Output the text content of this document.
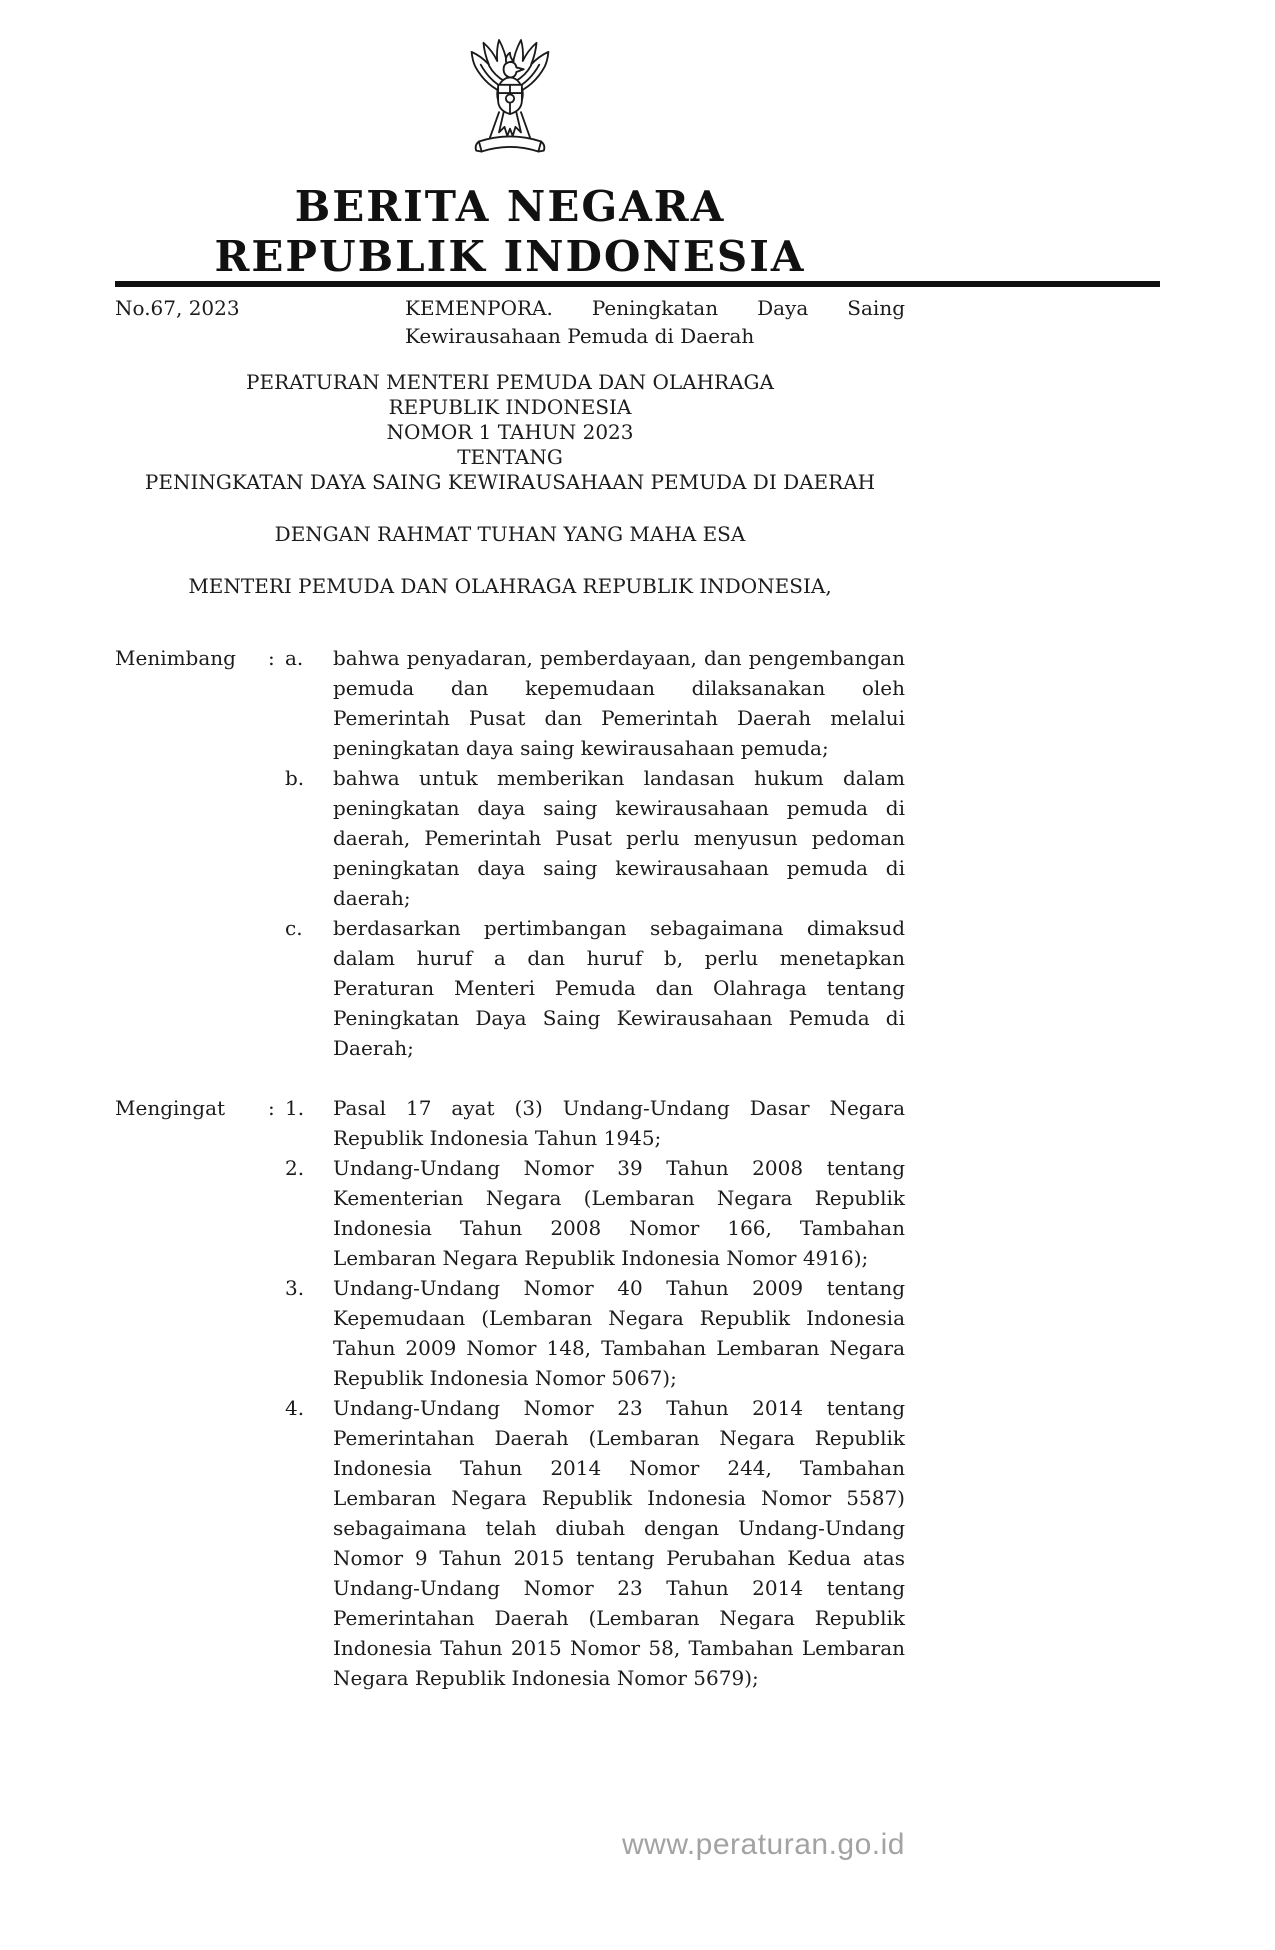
BERITA NEGARA
REPUBLIK INDONESIA
No.67, 2023	KEMENPORA. Peningkatan Daya Saing Kewirausahaan Pemuda di Daerah
PERATURAN MENTERI PEMUDA DAN OLAHRAGA
REPUBLIK INDONESIA
NOMOR 1 TAHUN 2023
TENTANG
PENINGKATAN DAYA SAING KEWIRAUSAHAAN PEMUDA DI DAERAH
DENGAN RAHMAT TUHAN YANG MAHA ESA
MENTERI PEMUDA DAN OLAHRAGA REPUBLIK INDONESIA,
Menimbang	: a.	bahwa penyadaran, pemberdayaan, dan pengembangan pemuda dan kepemudaan dilaksanakan oleh Pemerintah Pusat dan Pemerintah Daerah melalui peningkatan daya saing kewirausahaan pemuda;
b.	bahwa untuk memberikan landasan hukum dalam peningkatan daya saing kewirausahaan pemuda di daerah, Pemerintah Pusat perlu menyusun pedoman peningkatan daya saing kewirausahaan pemuda di daerah;
c.	berdasarkan pertimbangan sebagaimana dimaksud dalam huruf a dan huruf b, perlu menetapkan Peraturan Menteri Pemuda dan Olahraga tentang Peningkatan Daya Saing Kewirausahaan Pemuda di Daerah;
Mengingat	: 1.	Pasal 17 ayat (3) Undang-Undang Dasar Negara Republik Indonesia Tahun 1945;
2.	Undang-Undang Nomor 39 Tahun 2008 tentang Kementerian Negara (Lembaran Negara Republik Indonesia Tahun 2008 Nomor 166, Tambahan Lembaran Negara Republik Indonesia Nomor 4916);
3.	Undang-Undang Nomor 40 Tahun 2009 tentang Kepemudaan (Lembaran Negara Republik Indonesia Tahun 2009 Nomor 148, Tambahan Lembaran Negara Republik Indonesia Nomor 5067);
4.	Undang-Undang Nomor 23 Tahun 2014 tentang Pemerintahan Daerah (Lembaran Negara Republik Indonesia Tahun 2014 Nomor 244, Tambahan Lembaran Negara Republik Indonesia Nomor 5587) sebagaimana telah diubah dengan Undang-Undang Nomor 9 Tahun 2015 tentang Perubahan Kedua atas Undang-Undang Nomor 23 Tahun 2014 tentang Pemerintahan Daerah (Lembaran Negara Republik Indonesia Tahun 2015 Nomor 58, Tambahan Lembaran Negara Republik Indonesia Nomor 5679);
www.peraturan.go.id
